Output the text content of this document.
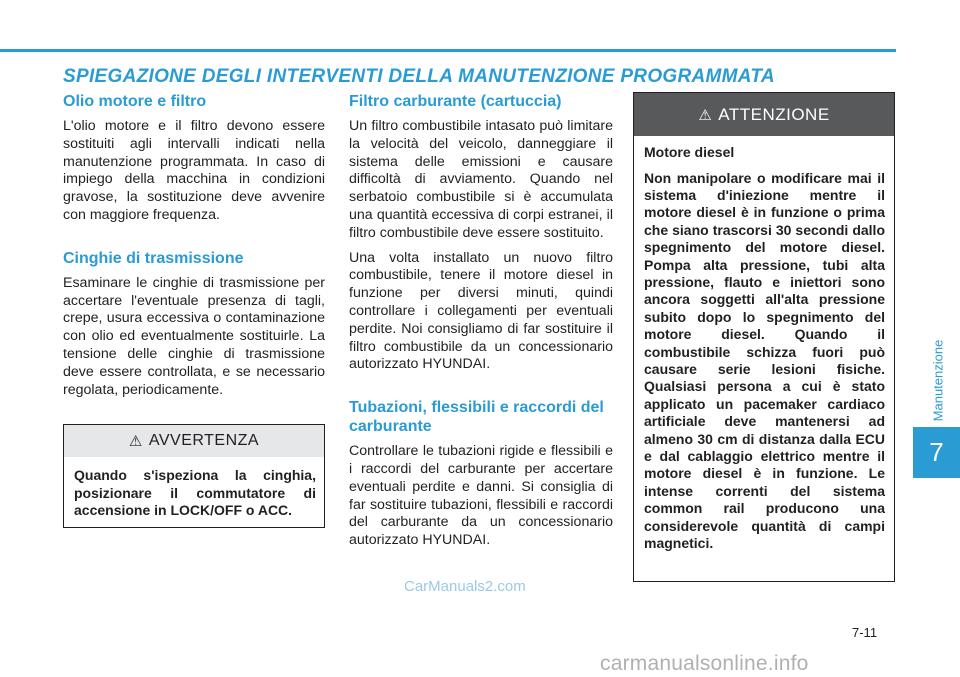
SPIEGAZIONE DEGLI INTERVENTI DELLA MANUTENZIONE PROGRAMMATA
Olio motore e filtro

L'olio motore e il filtro devono essere sostituiti agli intervalli indicati nella manutenzione programmata. In caso di impiego della macchina in condizioni gravose, la sostituzione deve avvenire con maggiore frequenza.

Cinghie di trasmissione

Esaminare le cinghie di trasmissione per accertare l'eventuale presenza di tagli, crepe, usura eccessiva o contaminazione con olio ed eventualmente sostituirle. La tensione delle cinghie di trasmissione deve essere controllata, e se necessario regolata, periodicamente.

⚠ AVVERTENZA
Quando s'ispeziona la cinghia, posizionare il commutatore di accensione in LOCK/OFF o ACC.
Filtro carburante (cartuccia)

Un filtro combustibile intasato può limitare la velocità del veicolo, danneggiare il sistema delle emissioni e causare difficoltà di avviamento. Quando nel serbatoio combustibile si è accumulata una quantità eccessiva di corpi estranei, il filtro combustibile deve essere sostituito.

Una volta installato un nuovo filtro combustibile, tenere il motore diesel in funzione per diversi minuti, quindi controllare i collegamenti per eventuali perdite. Noi consigliamo di far sostituire il filtro combustibile da un concessionario autorizzato HYUNDAI.

Tubazioni, flessibili e raccordi del carburante

Controllare le tubazioni rigide e flessibili e i raccordi del carburante per accertare eventuali perdite e danni. Si consiglia di far sostituire tubazioni, flessibili e raccordi del carburante da un concessionario autorizzato HYUNDAI.

⚠ ATTENZIONE

Motore diesel

Non manipolare o modificare mai il sistema d'iniezione mentre il motore diesel è in funzione o prima che siano trascorsi 30 secondi dallo spegnimento del motore diesel. Pompa alta pressione, tubi alta pressione, flauto e iniettori sono ancora soggetti all'alta pressione subito dopo lo spegnimento del motore diesel. Quando il combustibile schizza fuori può causare serie lesioni fisiche. Qualsiasi persona a cui è stato applicato un pacemaker cardiaco artificiale deve mantenersi ad almeno 30 cm di distanza dalla ECU e dal cablaggio elettrico mentre il motore diesel è in funzione. Le intense correnti del sistema common rail producono una considerevole quantità di campi magnetici.

Manutenzione
7
7-11
CarManuals2.com
carmanualsonline.info
